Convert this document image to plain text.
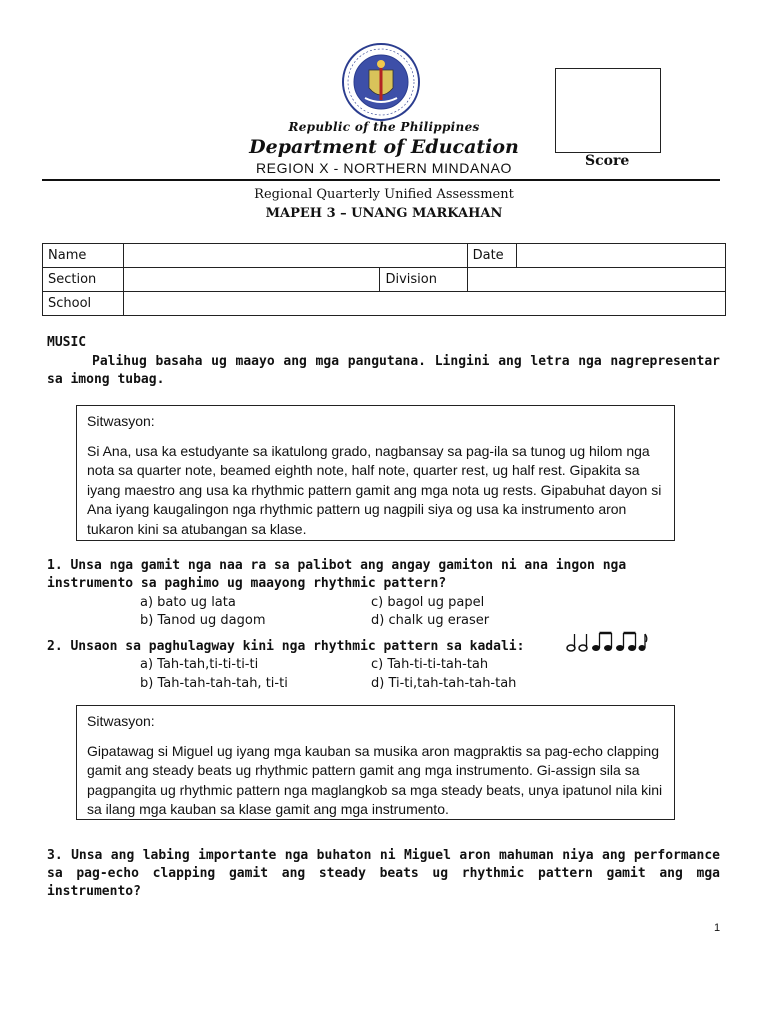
Score
Republic of the Philippines
Department of Education
REGION X - NORTHERN MINDANAO
Regional Quarterly Unified Assessment
MAPEH 3 – UNANG MARKAHAN
Name			Date	
Section		Division		
School				
MUSIC
Palihug basaha ug maayo ang mga pangutana. Lingini ang letra nga nagrepresentar sa imong tubag.
Sitwasyon:
Si Ana, usa ka estudyante sa ikatulong grado, nagbansay sa pag-ila sa tunog ug hilom nga nota sa quarter note, beamed eighth note, half note, quarter rest, ug half rest. Gipakita sa iyang maestro ang usa ka rhythmic pattern gamit ang mga nota ug rests. Gipabuhat dayon si Ana iyang kaugalingon nga rhythmic pattern ug nagpili siya og usa ka instrumento aron tukaron kini sa atubangan sa klase.
1. Unsa nga gamit nga naa ra sa palibot ang angay gamiton ni ana ingon nga instrumento sa paghimo ug maayong rhythmic pattern?
a) bato ug lata	c) bagol ug papel
b) Tanod ug dagom	d) chalk ug eraser
2. Unsaon sa paghulagway kini nga rhythmic pattern sa kadali:
a) Tah-tah,ti-ti-ti-ti	c) Tah-ti-ti-tah-tah
b) Tah-tah-tah-tah, ti-ti	d) Ti-ti,tah-tah-tah-tah
Sitwasyon:
Gipatawag si Miguel ug iyang mga kauban sa musika aron magpraktis sa pag-echo clapping gamit ang steady beats ug rhythmic pattern gamit ang mga instrumento. Gi-assign sila sa pagpangita ug rhythmic pattern nga maglangkob sa mga steady beats, unya ipatunol nila kini sa ilang mga kauban sa klase gamit ang mga instrumento.
3. Unsa ang labing importante nga buhaton ni Miguel aron mahuman niya ang performance sa pag-echo clapping gamit ang steady beats ug rhythmic pattern gamit ang mga instrumento?
1
